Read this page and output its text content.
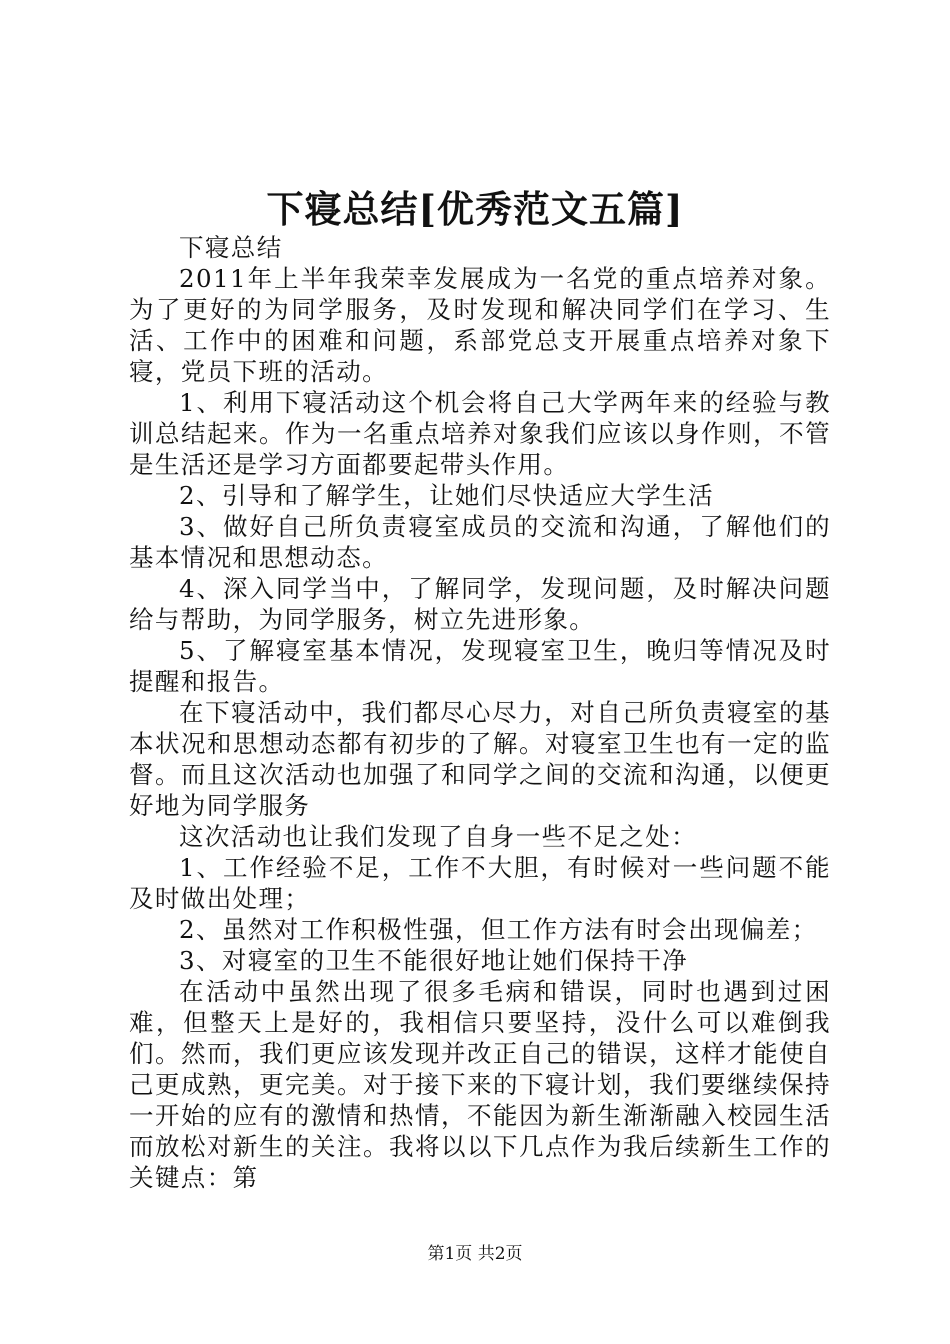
下寝总结[优秀范文五篇]

下寝总结

2011年上半年我荣幸发展成为一名党的重点培养对象。为了更好的为同学服务，及时发现和解决同学们在学习、生活、工作中的困难和问题，系部党总支开展重点培养对象下寝，党员下班的活动。

1、利用下寝活动这个机会将自己大学两年来的经验与教训总结起来。作为一名重点培养对象我们应该以身作则，不管是生活还是学习方面都要起带头作用。

2、引导和了解学生，让她们尽快适应大学生活

3、做好自己所负责寝室成员的交流和沟通，了解他们的基本情况和思想动态。

4、深入同学当中，了解同学，发现问题，及时解决问题给与帮助，为同学服务，树立先进形象。

5、了解寝室基本情况，发现寝室卫生，晚归等情况及时提醒和报告。

在下寝活动中，我们都尽心尽力，对自己所负责寝室的基本状况和思想动态都有初步的了解。对寝室卫生也有一定的监督。而且这次活动也加强了和同学之间的交流和沟通，以便更好地为同学服务

这次活动也让我们发现了自身一些不足之处：

1、工作经验不足，工作不大胆，有时候对一些问题不能及时做出处理；

2、虽然对工作积极性强，但工作方法有时会出现偏差；

3、对寝室的卫生不能很好地让她们保持干净

在活动中虽然出现了很多毛病和错误，同时也遇到过困难，但整天上是好的，我相信只要坚持，没什么可以难倒我们。然而，我们更应该发现并改正自己的错误，这样才能使自己更成熟，更完美。对于接下来的下寝计划，我们要继续保持一开始的应有的激情和热情，不能因为新生渐渐融入校园生活而放松对新生的关注。我将以以下几点作为我后续新生工作的关键点：第

第1页 共2页
